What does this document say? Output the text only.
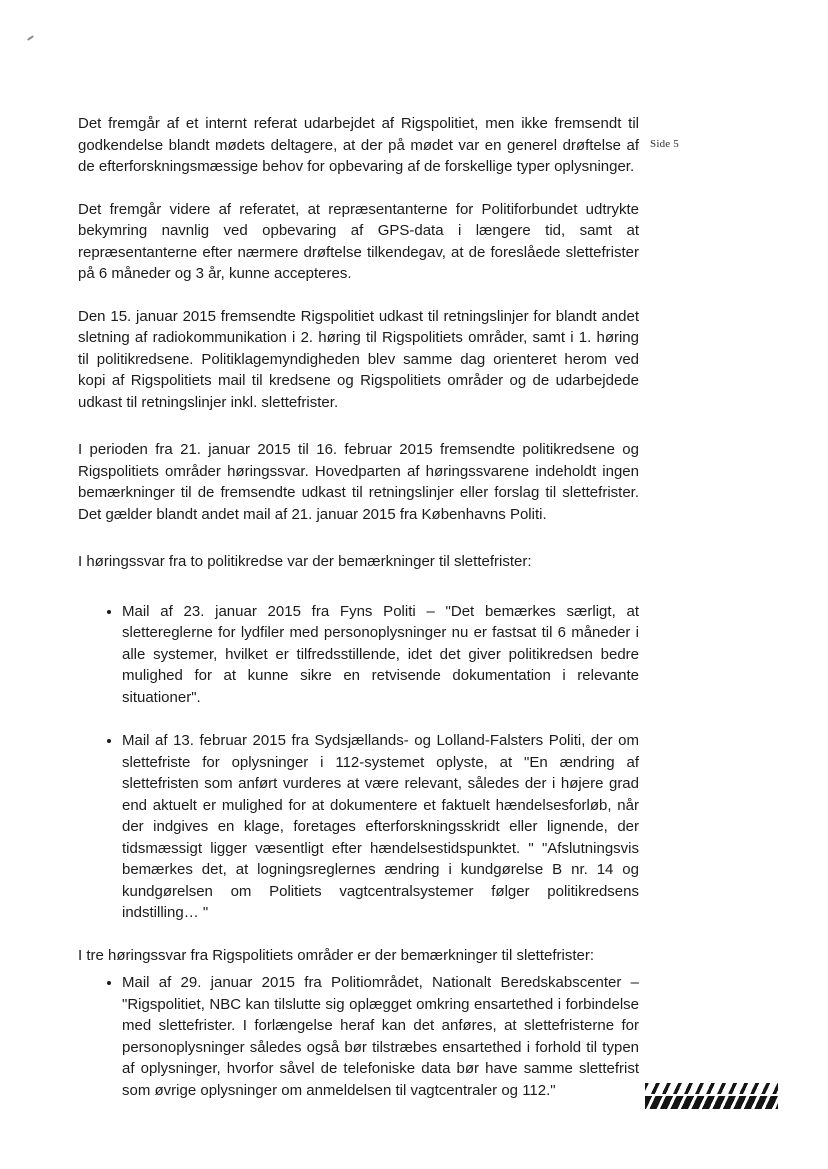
Side 5

Det fremgår af et internt referat udarbejdet af Rigspolitiet, men ikke fremsendt til godkendelse blandt mødets deltagere, at der på mødet var en generel drøftelse af de efterforskningsmæssige behov for opbevaring af de forskellige typer oplysninger.

Det fremgår videre af referatet, at repræsentanterne for Politiforbundet udtrykte bekymring navnlig ved opbevaring af GPS-data i længere tid, samt at repræsentanterne efter nærmere drøftelse tilkendegav, at de foreslåede slettefrister på 6 måneder og 3 år, kunne accepteres.

Den 15. januar 2015 fremsendte Rigspolitiet udkast til retningslinjer for blandt andet sletning af radiokommunikation i 2. høring til Rigspolitiets områder, samt i 1. høring til politikredsene. Politiklagemyndigheden blev samme dag orienteret herom ved kopi af Rigspolitiets mail til kredsene og Rigspolitiets områder og de udarbejdede udkast til retningslinjer inkl. slettefrister.

I perioden fra 21. januar 2015 til 16. februar 2015 fremsendte politikredsene og Rigspolitiets områder høringssvar. Hovedparten af høringssvarene indeholdt ingen bemærkninger til de fremsendte udkast til retningslinjer eller forslag til slettefrister. Det gælder blandt andet mail af 21. januar 2015 fra Københavns Politi.

I høringssvar fra to politikredse var der bemærkninger til slettefrister:

• Mail af 23. januar 2015 fra Fyns Politi – "Det bemærkes særligt, at slettereglerne for lydfiler med personoplysninger nu er fastsat til 6 måneder i alle systemer, hvilket er tilfredsstillende, idet det giver politikredsen bedre mulighed for at kunne sikre en retvisende dokumentation i relevante situationer".
• Mail af 13. februar 2015 fra Sydsjællands- og Lolland-Falsters Politi, der om slettefriste for oplysninger i 112-systemet oplyste, at "En ændring af slettefristen som anført vurderes at være relevant, således der i højere grad end aktuelt er mulighed for at dokumentere et faktuelt hændelsesforløb, når der indgives en klage, foretages efterforskningsskridt eller lignende, der tidsmæssigt ligger væsentligt efter hændelsestidspunktet. " "Afslutningsvis bemærkes det, at logningsreglernes ændring i kundgørelse B nr. 14 og kundgørelsen om Politiets vagtcentralsystemer følger politikredsens indstilling… "

I tre høringssvar fra Rigspolitiets områder er der bemærkninger til slettefrister:

• Mail af 29. januar 2015 fra Politiområdet, Nationalt Beredskabscenter – "Rigspolitiet, NBC kan tilslutte sig oplægget omkring ensartethed i forbindelse med slettefrister. I forlængelse heraf kan det anføres, at slettefristerne for personoplysninger således også bør tilstræbes ensartethed i forhold til typen af oplysninger, hvorfor såvel de telefoniske data bør have samme slettefrist som øvrige oplysninger om anmeldelsen til vagtcentraler og 112."
